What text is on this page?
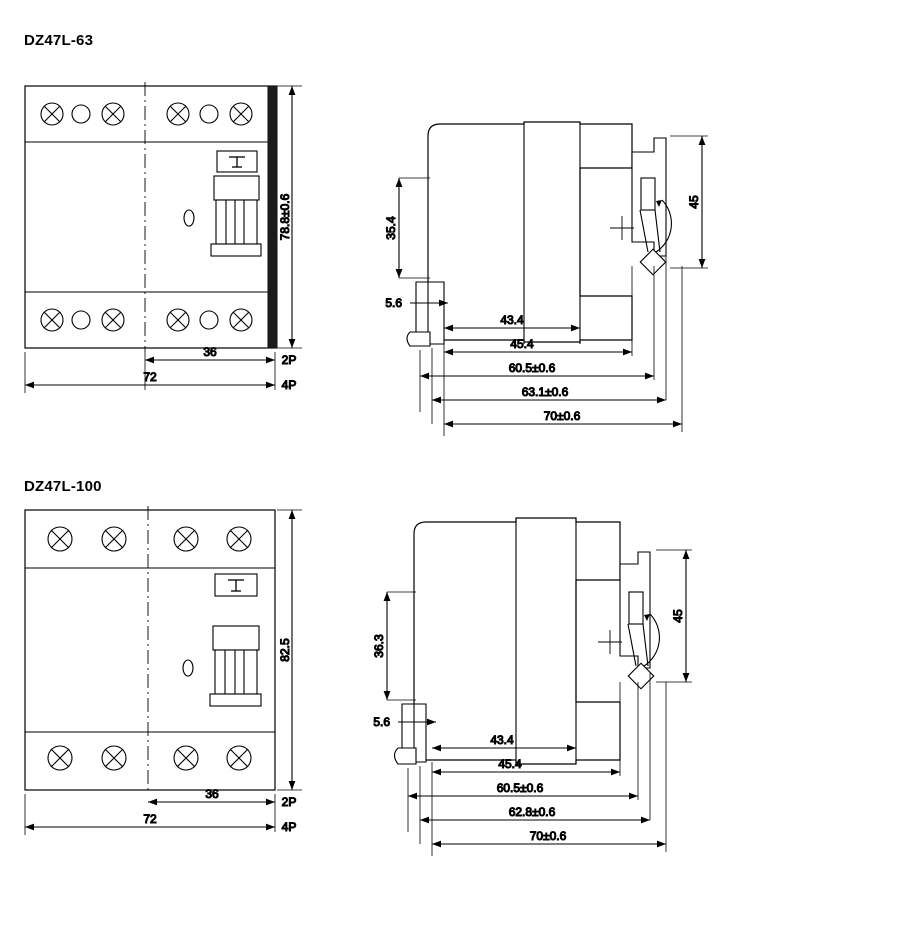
DZ47L-63
78.8±0.6
36
2P
72
4P
35.4
5.6
43.4
45.4
60.5±0.6
63.1±0.6
70±0.6
45
DZ47L-100
82.5
36
2P
72
4P
36.3
5.6
43.4
45.4
60.5±0.6
62.8±0.6
70±0.6
45
